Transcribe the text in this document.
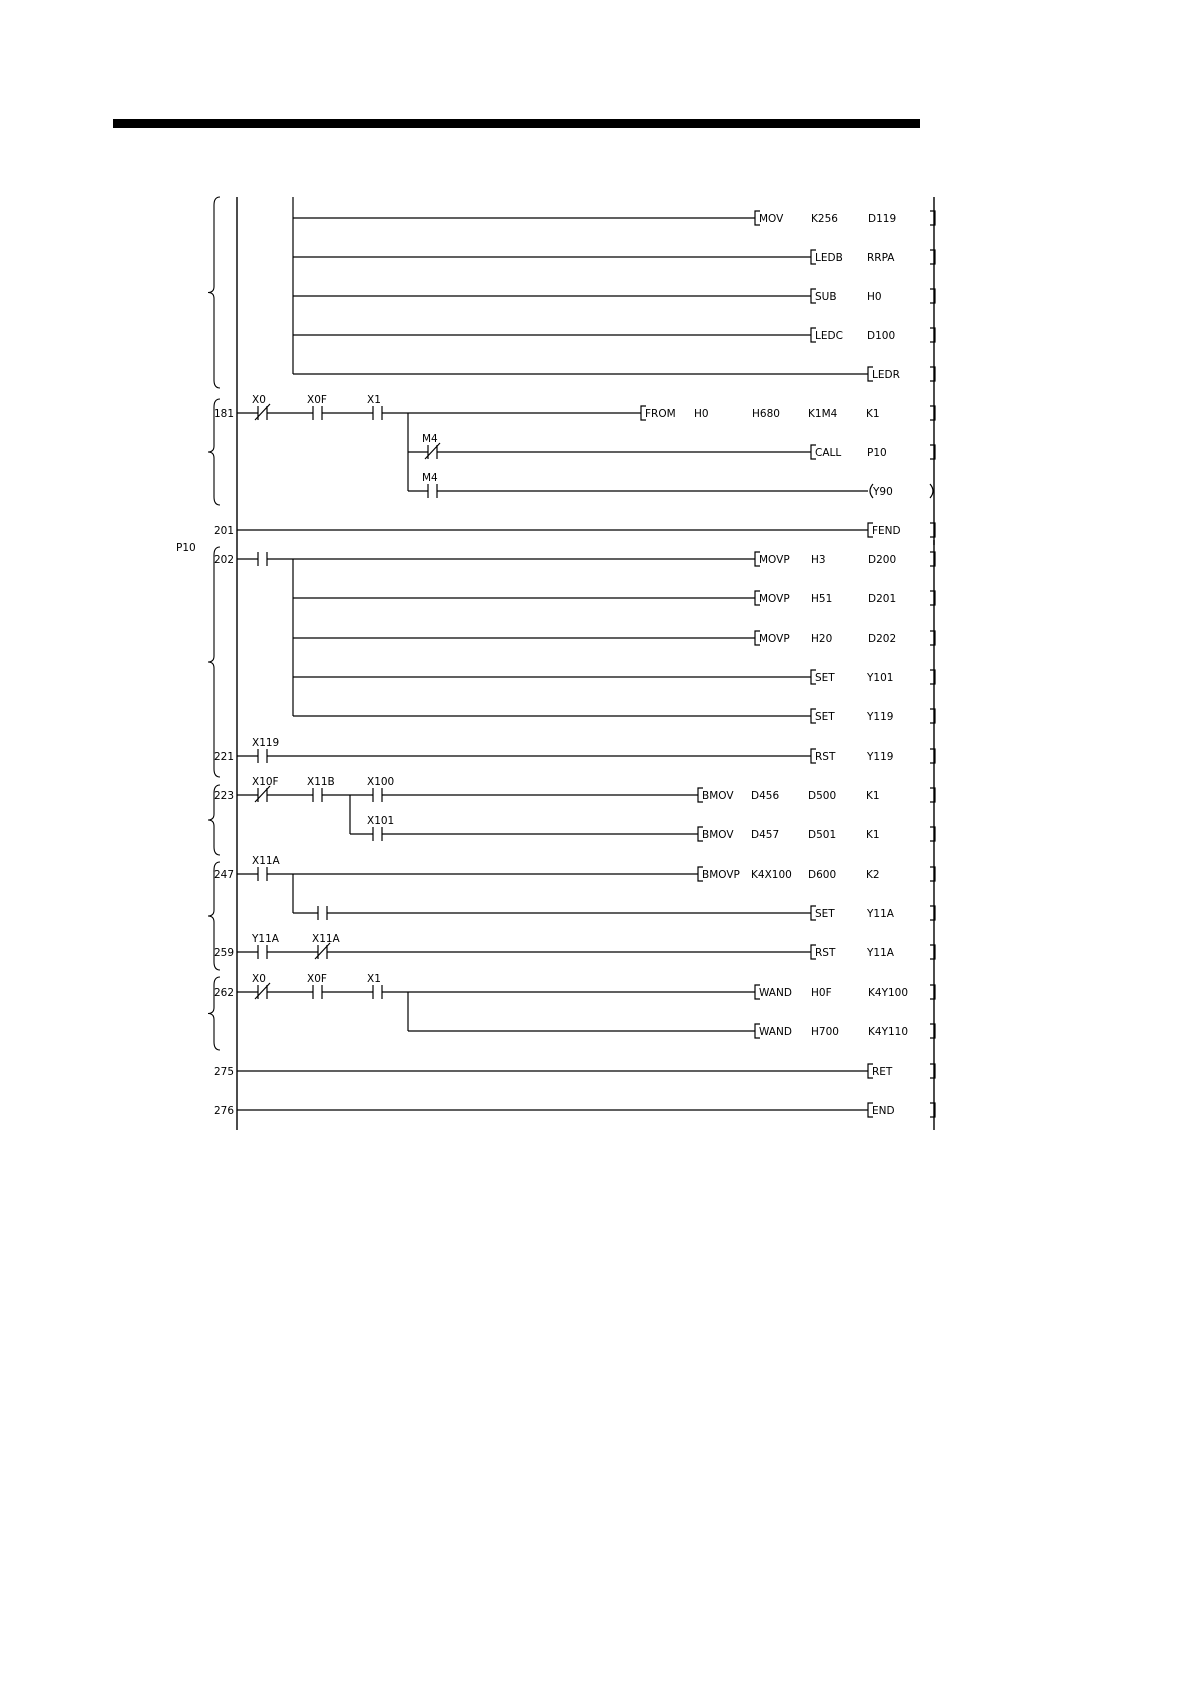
P10
MOV	K256	D119
LEDB RRPA
SUB	H0
LEDC D100
LEDR
181
X0	X0F	X1
FROM H0	H680	K1M4	K1
M4
CALL P10
M4
Y90
201	FEND
202	MOVP H3	D200
MOVP H51	D201
MOVP H20	D202
SET	Y101
SET	Y119
221
X119
RST	Y119
223
X10F	X11B	X100
BMOV D456	D500	K1
X101
BMOV D457	D501	K1
247
X11A
BMOVP K4X100 D600	K2
SET	Y11A
259
Y11A	X11A
RST	Y11A
262
X0	X0F	X1
WAND H0F	K4Y100
WAND H700	K4Y110
275	RET
276	END
